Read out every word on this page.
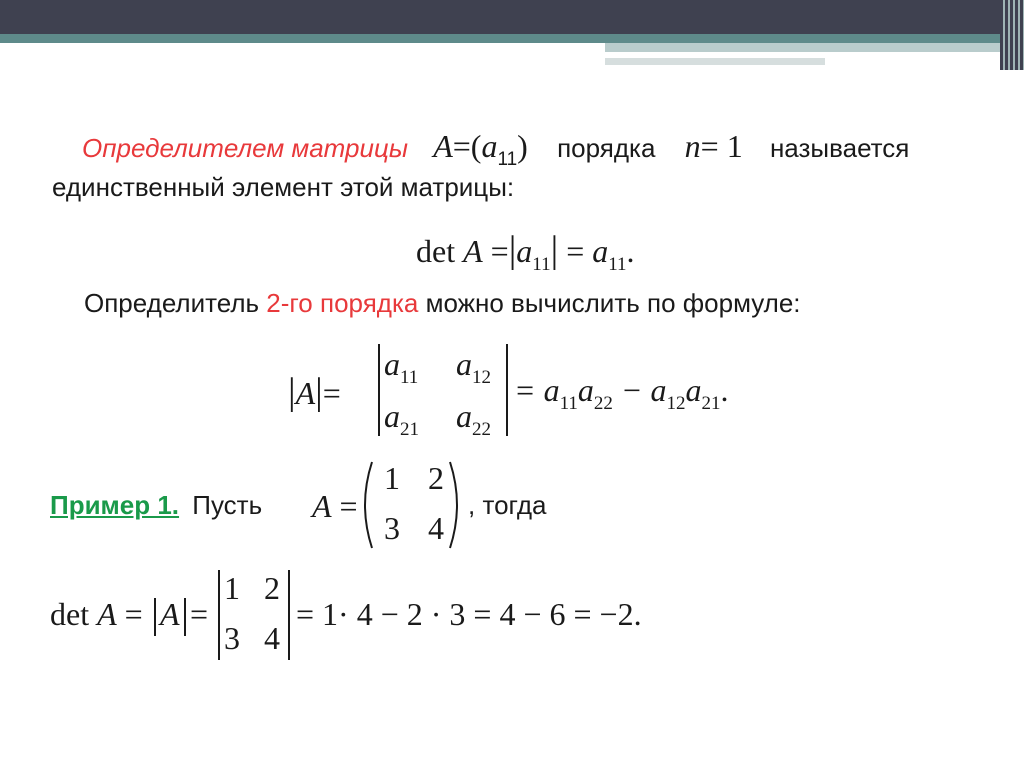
Определителем матрицы $A=(a_{11})$ порядка n= 1 называется
единственный элемент этой матрицы:
$\det A =|a_{11}| = a_{11}$.
Определитель 2-го порядка можно вычислить по формуле:
|A|=
$a_{11}$ $a_{12}$
$a_{21}$ $a_{22}$
= $a_{11}a_{22} - a_{12}a_{21}$.
Пример 1. Пусть A =
1 2
3 4
, тогда
det A = A =
1 2
3 4
= 1· 4 − 2 · 3 = 4 − 6 = −2.
